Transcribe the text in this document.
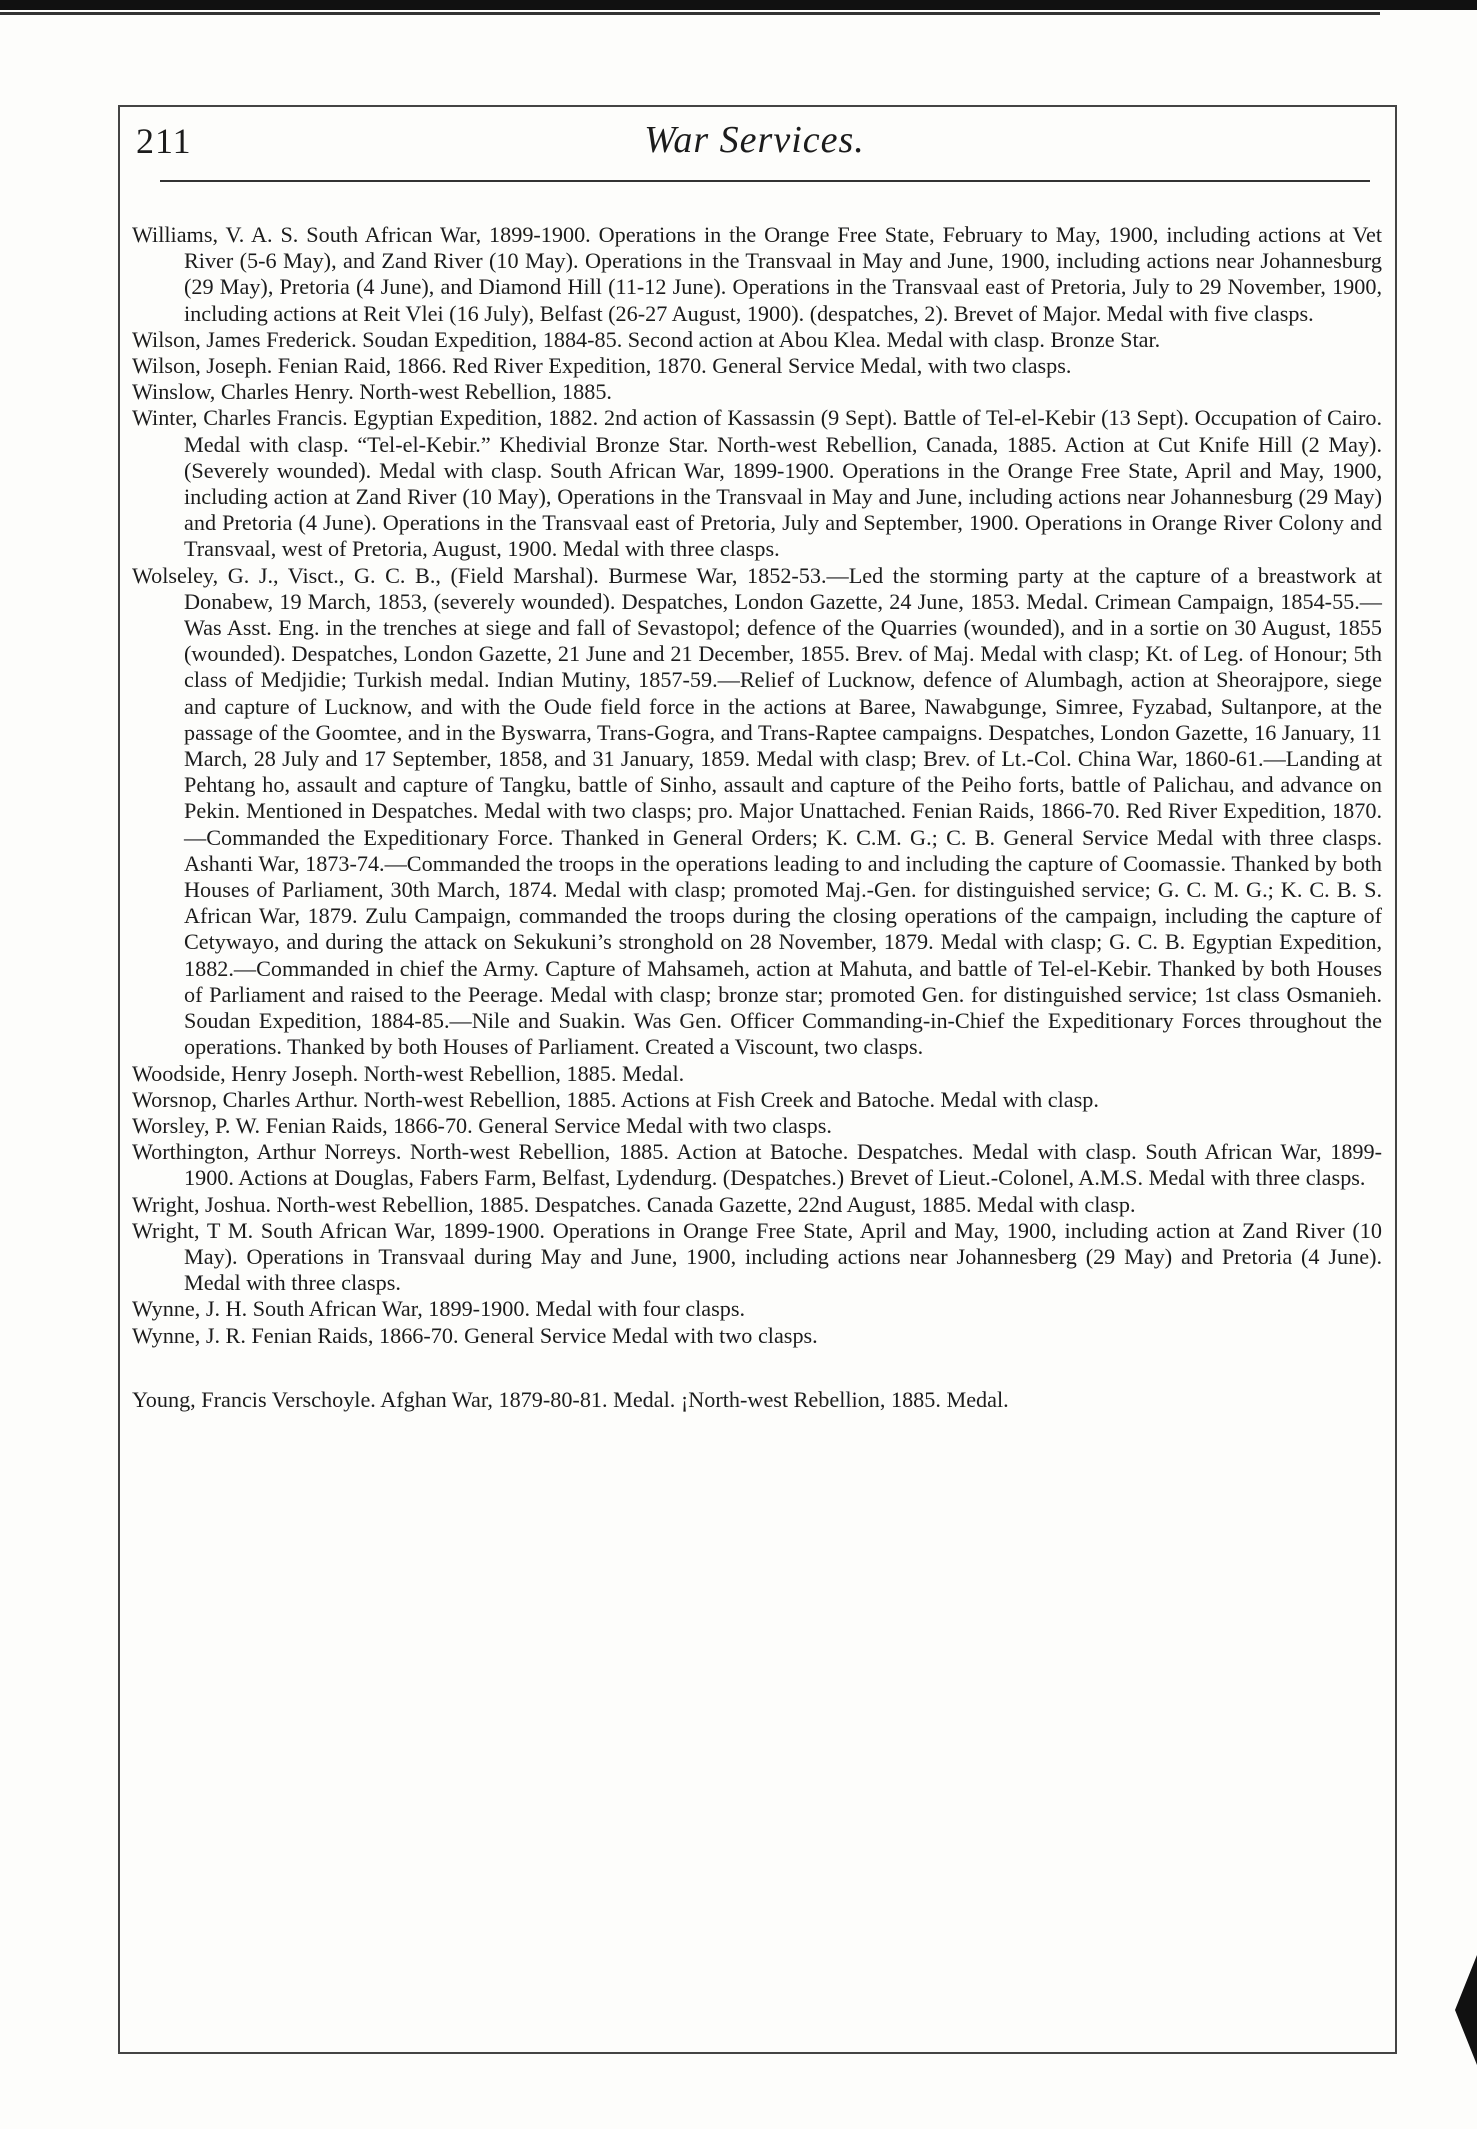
211	War Services.

Williams, V. A. S. South African War, 1899-1900. Operations in the Orange Free State, February to May, 1900, including actions at Vet River (5-6 May), and Zand River (10 May). Operations in the Transvaal in May and June, 1900, including actions near Johannesburg (29 May), Pretoria (4 June), and Diamond Hill (11-12 June). Operations in the Transvaal east of Pretoria, July to 29 November, 1900, including actions at Reit Vlei (16 July), Belfast (26-27 August, 1900). (despatches, 2). Brevet of Major. Medal with five clasps.

Wilson, James Frederick. Soudan Expedition, 1884-85. Second action at Abou Klea. Medal with clasp. Bronze Star.

Wilson, Joseph. Fenian Raid, 1866. Red River Expedition, 1870. General Service Medal, with two clasps.

Winslow, Charles Henry. North-west Rebellion, 1885.

Winter, Charles Francis. Egyptian Expedition, 1882. 2nd action of Kassassin (9 Sept). Battle of Tel-el-Kebir (13 Sept). Occupation of Cairo. Medal with clasp. “Tel-el-Kebir.” Khedivial Bronze Star. North-west Rebellion, Canada, 1885. Action at Cut Knife Hill (2 May). (Severely wounded). Medal with clasp. South African War, 1899-1900. Operations in the Orange Free State, April and May, 1900, including action at Zand River (10 May), Operations in the Transvaal in May and June, including actions near Johannesburg (29 May) and Pretoria (4 June). Operations in the Transvaal east of Pretoria, July and September, 1900. Operations in Orange River Colony and Transvaal, west of Pretoria, August, 1900. Medal with three clasps.

Wolseley, G. J., Visct., G. C. B., (Field Marshal). Burmese War, 1852-53.—Led the storming party at the capture of a breastwork at Donabew, 19 March, 1853, (severely wounded). Despatches, London Gazette, 24 June, 1853. Medal. Crimean Campaign, 1854-55.—Was Asst. Eng. in the trenches at siege and fall of Sevastopol; defence of the Quarries (wounded), and in a sortie on 30 August, 1855 (wounded). Despatches, London Gazette, 21 June and 21 December, 1855. Brev. of Maj. Medal with clasp; Kt. of Leg. of Honour; 5th class of Medjidie; Turkish medal. Indian Mutiny, 1857-59.—Relief of Lucknow, defence of Alumbagh, action at Sheorajpore, siege and capture of Lucknow, and with the Oude field force in the actions at Baree, Nawabgunge, Simree, Fyzabad, Sultanpore, at the passage of the Goomtee, and in the Byswarra, Trans-Gogra, and Trans-Raptee campaigns. Despatches, London Gazette, 16 January, 11 March, 28 July and 17 September, 1858, and 31 January, 1859. Medal with clasp; Brev. of Lt.-Col. China War, 1860-61.—Landing at Pehtang ho, assault and capture of Tangku, battle of Sinho, assault and capture of the Peiho forts, battle of Palichau, and advance on Pekin. Mentioned in Despatches. Medal with two clasps; pro. Major Unattached. Fenian Raids, 1866-70. Red River Expedition, 1870.—Commanded the Expeditionary Force. Thanked in General Orders; K. C.M. G.; C. B. General Service Medal with three clasps. Ashanti War, 1873-74.—Commanded the troops in the operations leading to and including the capture of Coomassie. Thanked by both Houses of Parliament, 30th March, 1874. Medal with clasp; promoted Maj.-Gen. for distinguished service; G. C. M. G.; K. C. B. S. African War, 1879. Zulu Campaign, commanded the troops during the closing operations of the campaign, including the capture of Cetywayo, and during the attack on Sekukuni’s stronghold on 28 November, 1879. Medal with clasp; G. C. B. Egyptian Expedition, 1882.—Commanded in chief the Army. Capture of Mahsameh, action at Mahuta, and battle of Tel-el-Kebir. Thanked by both Houses of Parliament and raised to the Peerage. Medal with clasp; bronze star; promoted Gen. for distinguished service; 1st class Osmanieh. Soudan Expedition, 1884-85.—Nile and Suakin. Was Gen. Officer Commanding-in-Chief the Expeditionary Forces throughout the operations. Thanked by both Houses of Parliament. Created a Viscount, two clasps.

Woodside, Henry Joseph. North-west Rebellion, 1885. Medal.

Worsnop, Charles Arthur. North-west Rebellion, 1885. Actions at Fish Creek and Batoche. Medal with clasp.

Worsley, P. W. Fenian Raids, 1866-70. General Service Medal with two clasps.

Worthington, Arthur Norreys. North-west Rebellion, 1885. Action at Batoche. Despatches. Medal with clasp. South African War, 1899-1900. Actions at Douglas, Fabers Farm, Belfast, Lydendurg. (Despatches.) Brevet of Lieut.-Colonel, A.M.S. Medal with three clasps.

Wright, Joshua. North-west Rebellion, 1885. Despatches. Canada Gazette, 22nd August, 1885. Medal with clasp.

Wright, T M. South African War, 1899-1900. Operations in Orange Free State, April and May, 1900, including action at Zand River (10 May). Operations in Transvaal during May and June, 1900, including actions near Johannesberg (29 May) and Pretoria (4 June). Medal with three clasps.

Wynne, J. H. South African War, 1899-1900. Medal with four clasps.

Wynne, J. R. Fenian Raids, 1866-70. General Service Medal with two clasps.

Young, Francis Verschoyle. Afghan War, 1879-80-81. Medal. ¡North-west Rebellion, 1885. Medal.
